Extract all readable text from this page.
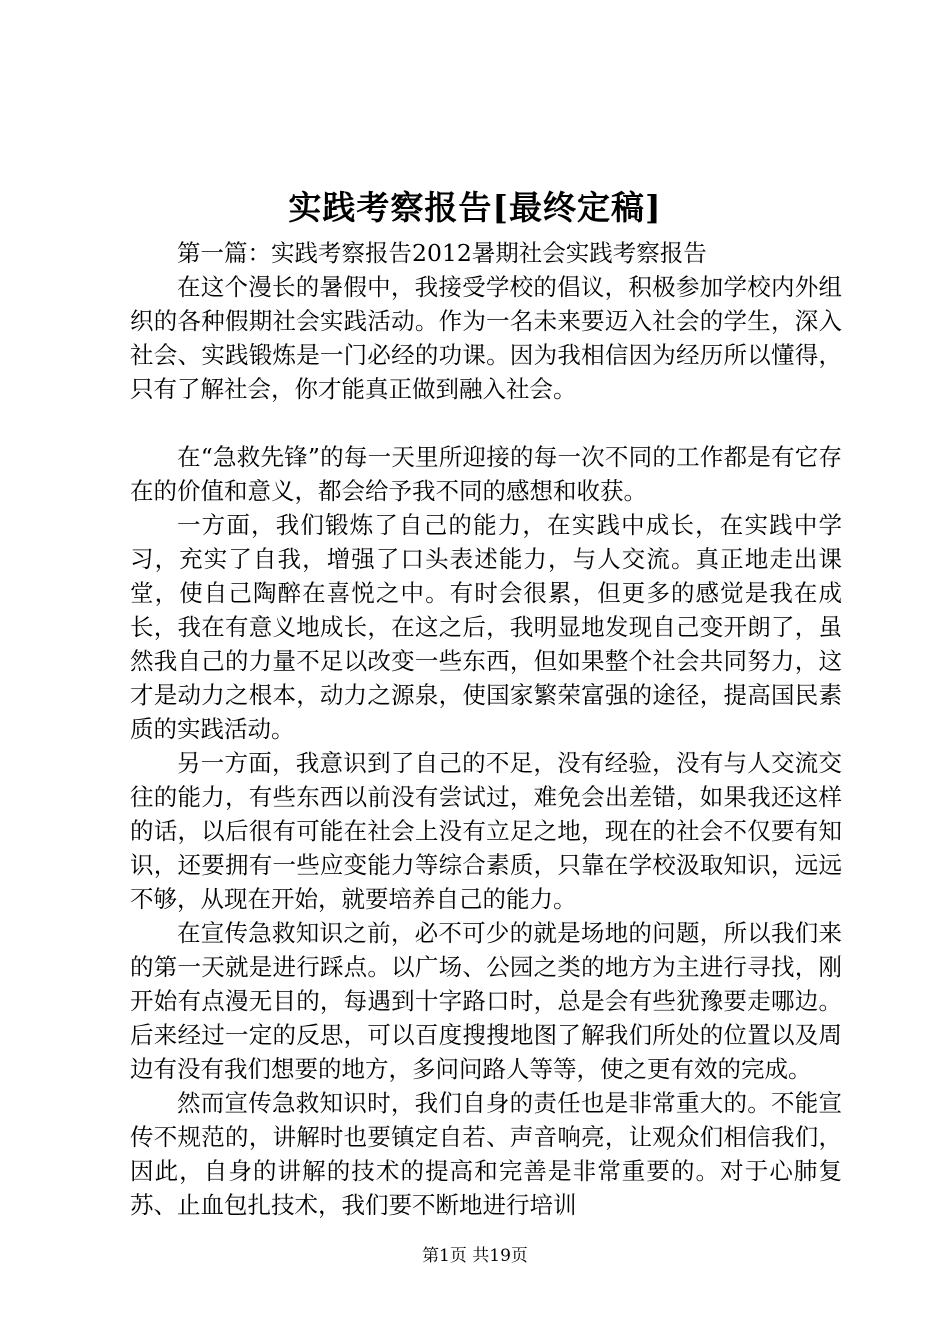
实践考察报告[最终定稿]

第一篇：实践考察报告2012暑期社会实践考察报告

在这个漫长的暑假中，我接受学校的倡议，积极参加学校内外组织的各种假期社会实践活动。作为一名未来要迈入社会的学生，深入社会、实践锻炼是一门必经的功课。因为我相信因为经历所以懂得，只有了解社会，你才能真正做到融入社会。

在“急救先锋”的每一天里所迎接的每一次不同的工作都是有它存在的价值和意义，都会给予我不同的感想和收获。

一方面，我们锻炼了自己的能力，在实践中成长，在实践中学习，充实了自我，增强了口头表述能力，与人交流。真正地走出课堂，使自己陶醉在喜悦之中。有时会很累，但更多的感觉是我在成长，我在有意义地成长，在这之后，我明显地发现自己变开朗了，虽然我自己的力量不足以改变一些东西，但如果整个社会共同努力，这才是动力之根本，动力之源泉，使国家繁荣富强的途径，提高国民素质的实践活动。

另一方面，我意识到了自己的不足，没有经验，没有与人交流交往的能力，有些东西以前没有尝试过，难免会出差错，如果我还这样的话，以后很有可能在社会上没有立足之地，现在的社会不仅要有知识，还要拥有一些应变能力等综合素质，只靠在学校汲取知识，远远不够，从现在开始，就要培养自己的能力。

在宣传急救知识之前，必不可少的就是场地的问题，所以我们来的第一天就是进行踩点。以广场、公园之类的地方为主进行寻找，刚开始有点漫无目的，每遇到十字路口时，总是会有些犹豫要走哪边。后来经过一定的反思，可以百度搜搜地图了解我们所处的位置以及周边有没有我们想要的地方，多问问路人等等，使之更有效的完成。

然而宣传急救知识时，我们自身的责任也是非常重大的。不能宣传不规范的，讲解时也要镇定自若、声音响亮，让观众们相信我们，因此，自身的讲解的技术的提高和完善是非常重要的。对于心肺复苏、止血包扎技术，我们要不断地进行培训

第1页 共19页
